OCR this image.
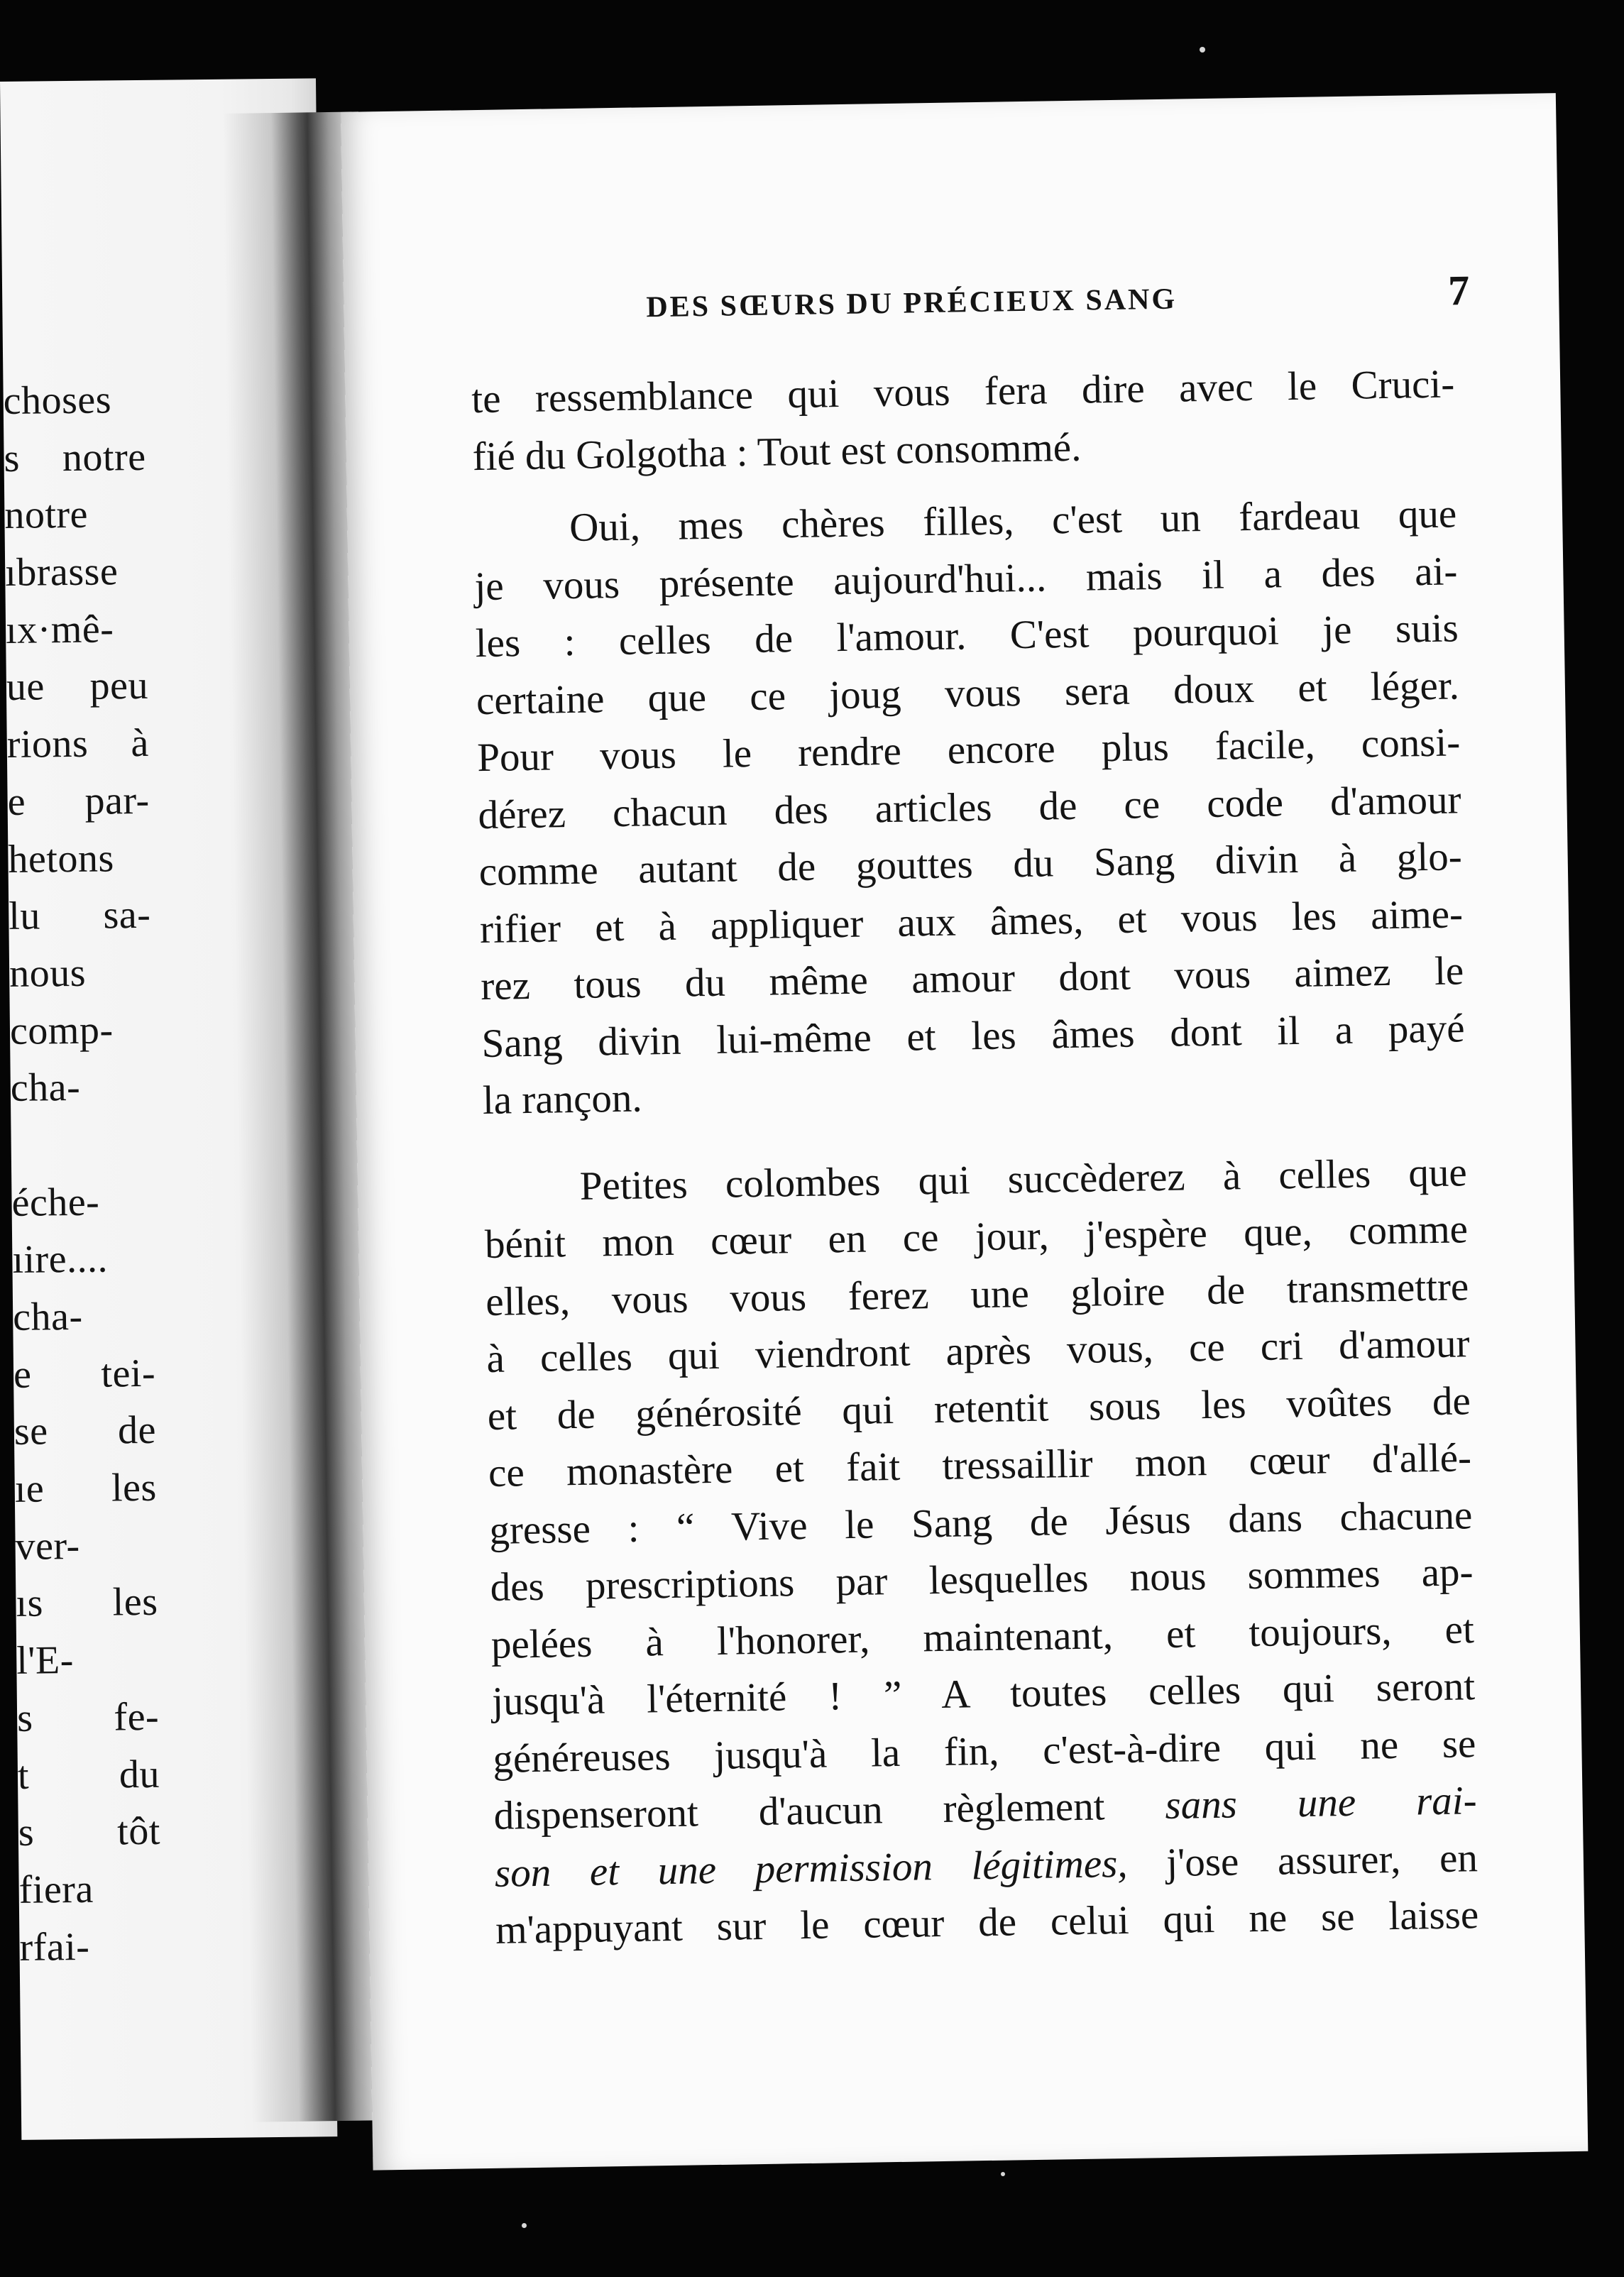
choses
s notre
notre
ıbrasse
ıx·mê-
ue peu
rions à
e par-
hetons
lu sa-
nous
comp-
cha-
éche-
ıire....
cha-
e tei-
se de
ıe les
ver-
ıs les
l'E-
s fe-
t du
s tôt
fiera
rfai-
DES SŒURS DU PRÉCIEUX SANG	7
te ressemblance qui vous fera dire avec le Cruci-
fié du Golgotha : Tout est consommé.
Oui, mes chères filles, c'est un fardeau que
je vous présente aujourd'hui... mais il a des ai-
les : celles de l'amour. C'est pourquoi je suis
certaine que ce joug vous sera doux et léger.
Pour vous le rendre encore plus facile, consi-
dérez chacun des articles de ce code d'amour
comme autant de gouttes du Sang divin à glo-
rifier et à appliquer aux âmes, et vous les aime-
rez tous du même amour dont vous aimez le
Sang divin lui-même et les âmes dont il a payé
la rançon.
Petites colombes qui succèderez à celles que
bénit mon cœur en ce jour, j'espère que, comme
elles, vous vous ferez une gloire de transmettre
à celles qui viendront après vous, ce cri d'amour
et de générosité qui retentit sous les voûtes de
ce monastère et fait tressaillir mon cœur d'allé-
gresse : “ Vive le Sang de Jésus dans chacune
des prescriptions par lesquelles nous sommes ap-
pelées à l'honorer, maintenant, et toujours, et
jusqu'à l'éternité ! ” A toutes celles qui seront
généreuses jusqu'à la fin, c'est-à-dire qui ne se
dispenseront d'aucun règlement sans une rai-
son et une permission légitimes, j'ose assurer, en
m'appuyant sur le cœur de celui qui ne se laisse
